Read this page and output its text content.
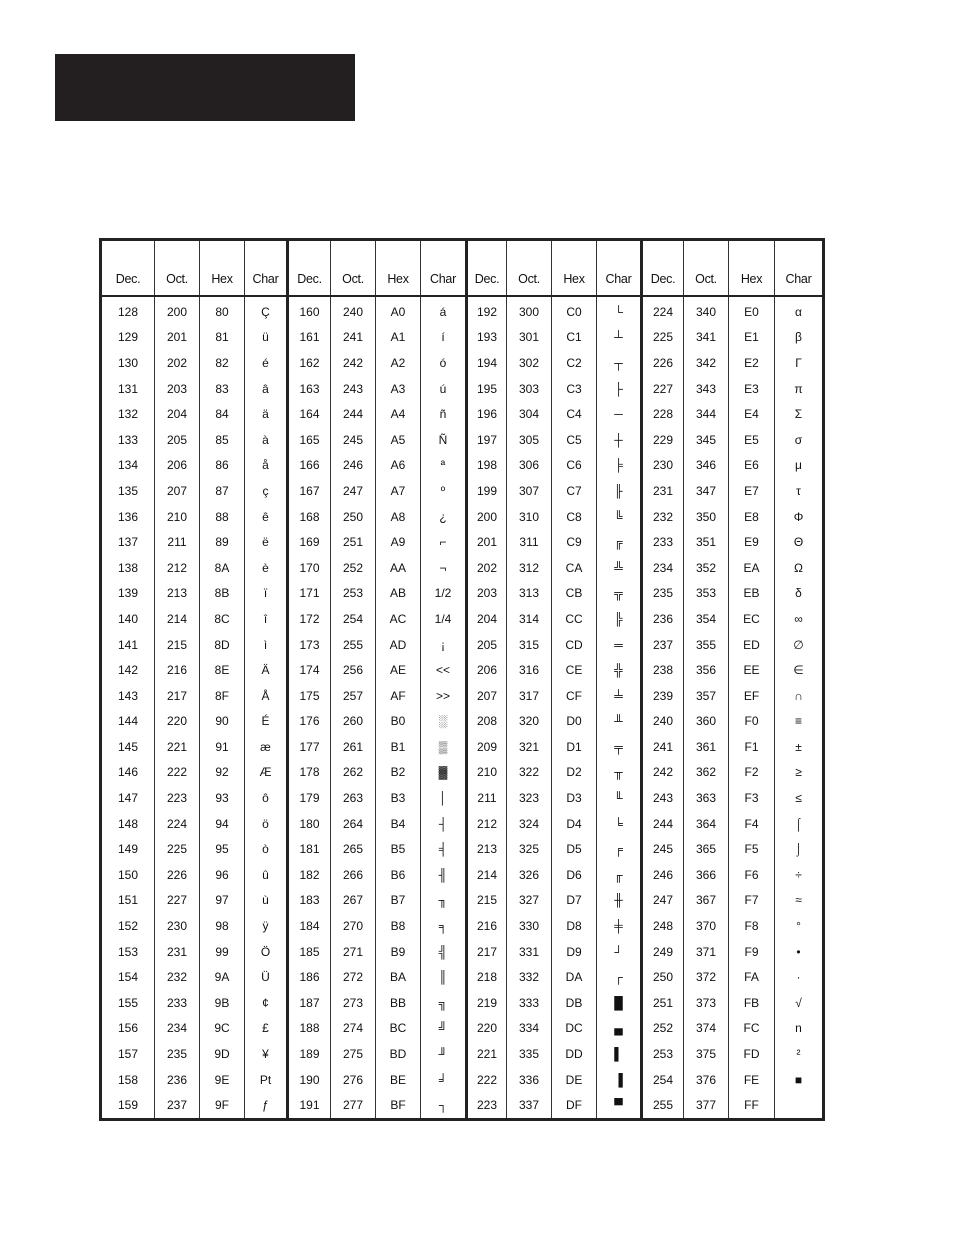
Dec.	Oct.	Hex	Char	Dec.	Oct.	Hex	Char	Dec.	Oct.	Hex	Char	Dec.	Oct.	Hex	Char
128	200	80	Ç	160	240	A0	á	192	300	C0	└	224	340	E0	α
129	201	81	ü	161	241	A1	í	193	301	C1	┴	225	341	E1	β
130	202	82	é	162	242	A2	ó	194	302	C2	┬	226	342	E2	Γ
131	203	83	â	163	243	A3	ú	195	303	C3	├	227	343	E3	π
132	204	84	ä	164	244	A4	ñ	196	304	C4	─	228	344	E4	Σ
133	205	85	à	165	245	A5	Ñ	197	305	C5	┼	229	345	E5	σ
134	206	86	å	166	246	A6	ª	198	306	C6	╞	230	346	E6	μ
135	207	87	ç	167	247	A7	º	199	307	C7	╟	231	347	E7	τ
136	210	88	ê	168	250	A8	¿	200	310	C8	╚	232	350	E8	Φ
137	211	89	ë	169	251	A9	⌐	201	311	C9	╔	233	351	E9	Θ
138	212	8A	è	170	252	AA	¬	202	312	CA	╩	234	352	EA	Ω
139	213	8B	ï	171	253	AB	1/2	203	313	CB	╦	235	353	EB	δ
140	214	8C	î	172	254	AC	1/4	204	314	CC	╠	236	354	EC	∞
141	215	8D	ì	173	255	AD	¡	205	315	CD	═	237	355	ED	∅
142	216	8E	Ä	174	256	AE	<<	206	316	CE	╬	238	356	EE	∈
143	217	8F	Å	175	257	AF	>>	207	317	CF	╧	239	357	EF	∩
144	220	90	É	176	260	B0	░	208	320	D0	╨	240	360	F0	≡
145	221	91	æ	177	261	B1	▒	209	321	D1	╤	241	361	F1	±
146	222	92	Æ	178	262	B2	▓	210	322	D2	╥	242	362	F2	≥
147	223	93	ô	179	263	B3	│	211	323	D3	╙	243	363	F3	≤
148	224	94	ö	180	264	B4	┤	212	324	D4	╘	244	364	F4	⌠
149	225	95	ò	181	265	B5	╡	213	325	D5	╒	245	365	F5	⌡
150	226	96	û	182	266	B6	╢	214	326	D6	╓	246	366	F6	÷
151	227	97	ù	183	267	B7	╖	215	327	D7	╫	247	367	F7	≈
152	230	98	ÿ	184	270	B8	╕	216	330	D8	╪	248	370	F8	°
153	231	99	Ö	185	271	B9	╣	217	331	D9	┘	249	371	F9	•
154	232	9A	Ü	186	272	BA	║	218	332	DA	┌	250	372	FA	·
155	233	9B	¢	187	273	BB	╗	219	333	DB	█	251	373	FB	√
156	234	9C	£	188	274	BC	╝	220	334	DC	▄	252	374	FC	n
157	235	9D	¥	189	275	BD	╜	221	335	DD	▌	253	375	FD	²
158	236	9E	Pt	190	276	BE	╛	222	336	DE	▐	254	376	FE	■
159	237	9F	ƒ	191	277	BF	┐	223	337	DF	▀	255	377	FF	
